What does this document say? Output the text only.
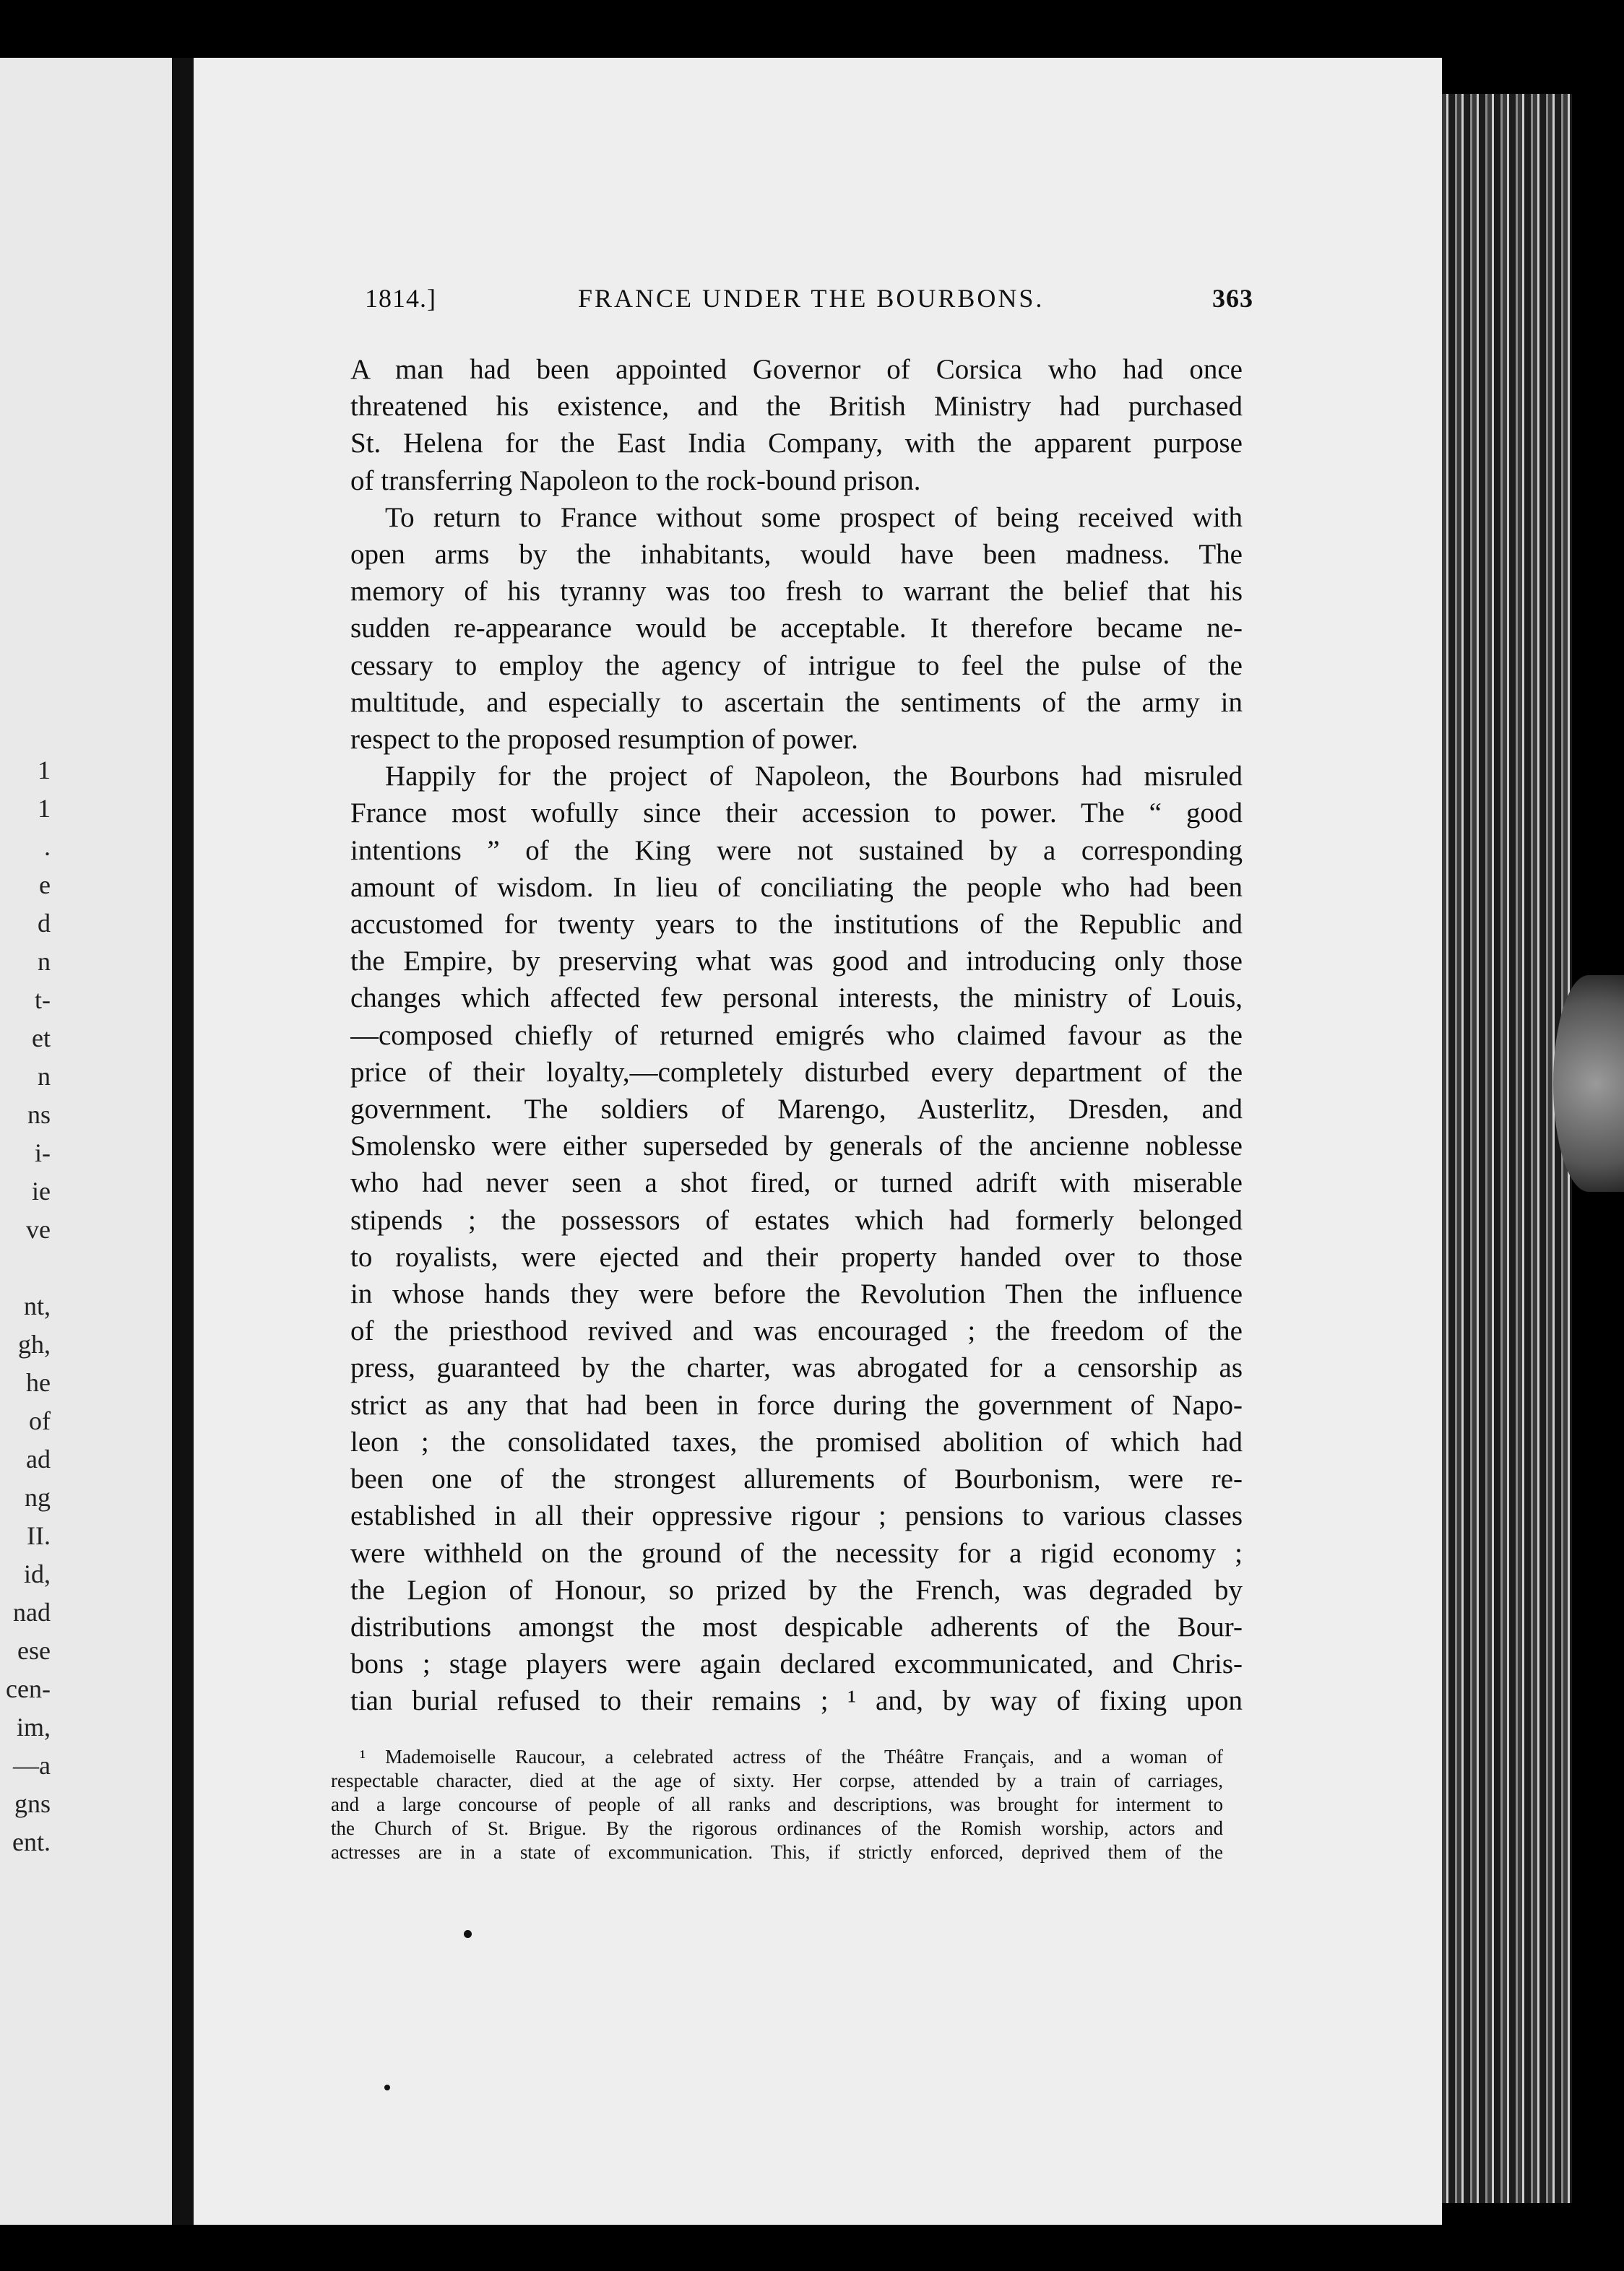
1
1
.
e
d
n
t-
et
n
ns
i-
ie
ve
nt,
gh,
he
of
ad
ng
II.
id,
nad
ese
cen-
im,
—a
gns
ent.
1814.]	FRANCE UNDER THE BOURBONS.	363
A man had been appointed Governor of Corsica who had once
threatened his existence, and the British Ministry had purchased
St. Helena for the East India Company, with the apparent purpose
of transferring Napoleon to the rock-bound prison.
To return to France without some prospect of being received with
open arms by the inhabitants, would have been madness. The
memory of his tyranny was too fresh to warrant the belief that his
sudden re-appearance would be acceptable. It therefore became ne-
cessary to employ the agency of intrigue to feel the pulse of the
multitude, and especially to ascertain the sentiments of the army in
respect to the proposed resumption of power.
Happily for the project of Napoleon, the Bourbons had misruled
France most wofully since their accession to power. The “ good
intentions ” of the King were not sustained by a corresponding
amount of wisdom. In lieu of conciliating the people who had been
accustomed for twenty years to the institutions of the Republic and
the Empire, by preserving what was good and introducing only those
changes which affected few personal interests, the ministry of Louis,
—composed chiefly of returned emigrés who claimed favour as the
price of their loyalty,—completely disturbed every department of the
government. The soldiers of Marengo, Austerlitz, Dresden, and
Smolensko were either superseded by generals of the ancienne noblesse
who had never seen a shot fired, or turned adrift with miserable
stipends ; the possessors of estates which had formerly belonged
to royalists, were ejected and their property handed over to those
in whose hands they were before the Revolution Then the influence
of the priesthood revived and was encouraged ; the freedom of the
press, guaranteed by the charter, was abrogated for a censorship as
strict as any that had been in force during the government of Napo-
leon ; the consolidated taxes, the promised abolition of which had
been one of the strongest allurements of Bourbonism, were re-
established in all their oppressive rigour ; pensions to various classes
were withheld on the ground of the necessity for a rigid economy ;
the Legion of Honour, so prized by the French, was degraded by
distributions amongst the most despicable adherents of the Bour-
bons ; stage players were again declared excommunicated, and Chris-
tian burial refused to their remains ; ¹ and, by way of fixing upon
¹ Mademoiselle Raucour, a celebrated actress of the Théâtre Français, and a woman of
respectable character, died at the age of sixty. Her corpse, attended by a train of carriages,
and a large concourse of people of all ranks and descriptions, was brought for interment to
the Church of St. Brigue. By the rigorous ordinances of the Romish worship, actors and
actresses are in a state of excommunication. This, if strictly enforced, deprived them of the
